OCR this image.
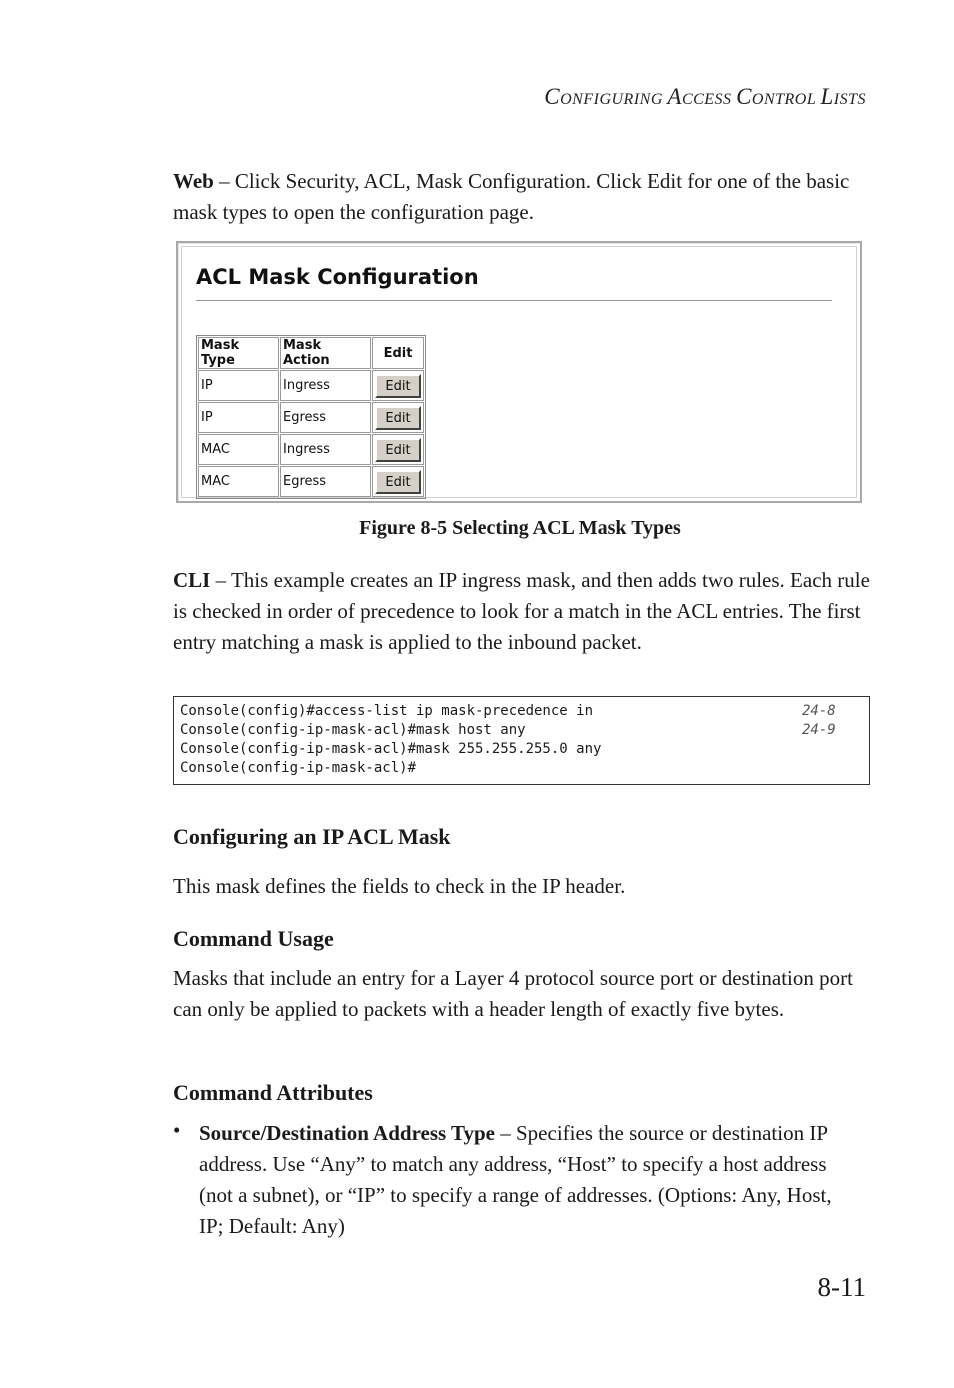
CONFIGURING ACCESS CONTROL LISTS
Web – Click Security, ACL, Mask Configuration. Click Edit for one of the basic mask types to open the configuration page.
ACL Mask Configuration
Mask Type	Mask Action	Edit
IP	Ingress	Edit
IP	Egress	Edit
MAC	Ingress	Edit
MAC	Egress	Edit
Figure 8-5 Selecting ACL Mask Types
CLI – This example creates an IP ingress mask, and then adds two rules. Each rule is checked in order of precedence to look for a match in the ACL entries. The first entry matching a mask is applied to the inbound packet.
Console(config)#access-list ip mask-precedence in	24-8
Console(config-ip-mask-acl)#mask host any	24-9
Console(config-ip-mask-acl)#mask 255.255.255.0 any
Console(config-ip-mask-acl)#
Configuring an IP ACL Mask
This mask defines the fields to check in the IP header.
Command Usage
Masks that include an entry for a Layer 4 protocol source port or destination port can only be applied to packets with a header length of exactly five bytes.
Command Attributes
• Source/Destination Address Type – Specifies the source or destination IP address. Use “Any” to match any address, “Host” to specify a host address (not a subnet), or “IP” to specify a range of addresses. (Options: Any, Host, IP; Default: Any)
8-11
